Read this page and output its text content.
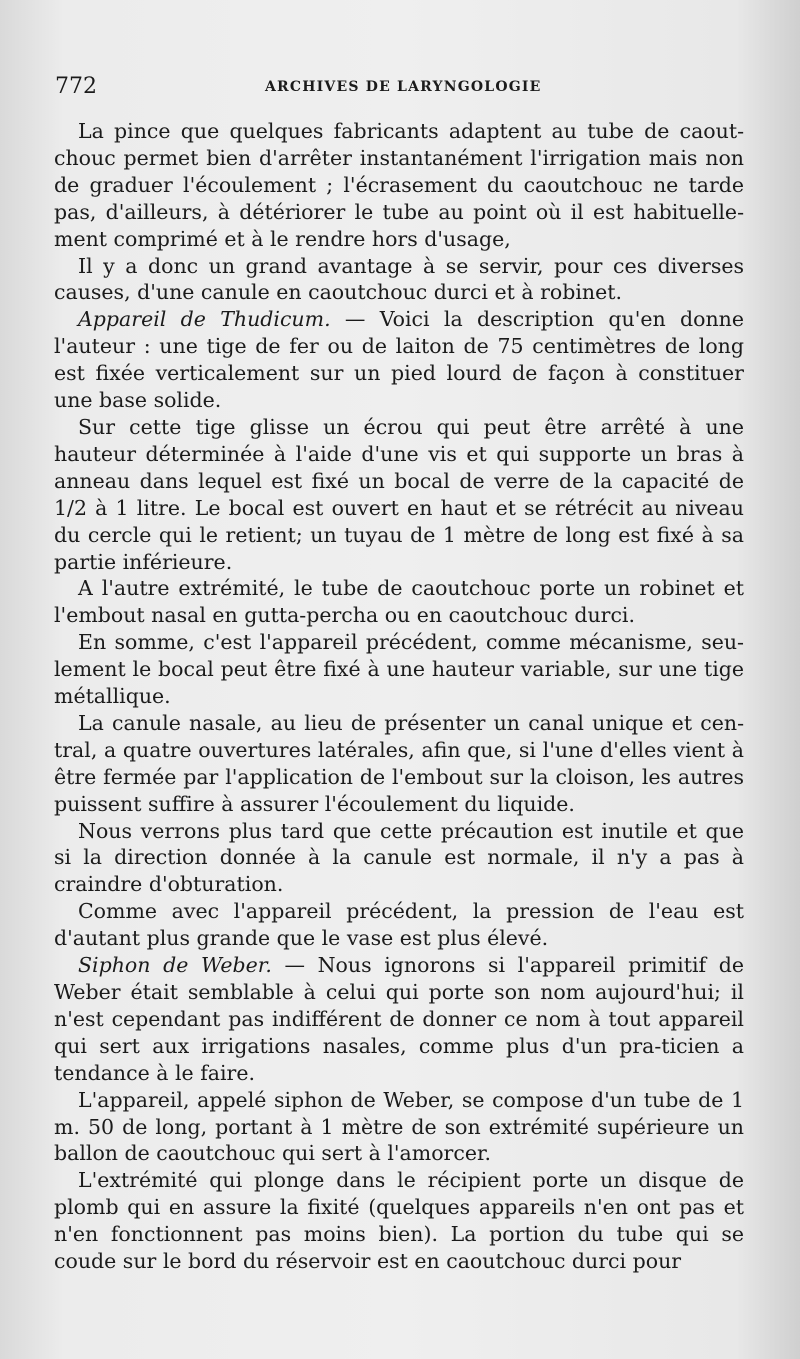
772	ARCHIVES DE LARYNGOLOGIE

La pince que quelques fabricants adaptent au tube de caout-chouc permet bien d'arrêter instantanément l'irrigation mais non de graduer l'écoulement ; l'écrasement du caoutchouc ne tarde pas, d'ailleurs, à détériorer le tube au point où il est habituelle-ment comprimé et à le rendre hors d'usage,

Il y a donc un grand avantage à se servir, pour ces diverses causes, d'une canule en caoutchouc durci et à robinet.

Appareil de Thudicum. — Voici la description qu'en donne l'auteur : une tige de fer ou de laiton de 75 centimètres de long est fixée verticalement sur un pied lourd de façon à constituer une base solide.

Sur cette tige glisse un écrou qui peut être arrêté à une hauteur déterminée à l'aide d'une vis et qui supporte un bras à anneau dans lequel est fixé un bocal de verre de la capacité de 1/2 à 1 litre. Le bocal est ouvert en haut et se rétrécit au niveau du cercle qui le retient; un tuyau de 1 mètre de long est fixé à sa partie inférieure.

A l'autre extrémité, le tube de caoutchouc porte un robinet et l'embout nasal en gutta-percha ou en caoutchouc durci.

En somme, c'est l'appareil précédent, comme mécanisme, seu-lement le bocal peut être fixé à une hauteur variable, sur une tige métallique.

La canule nasale, au lieu de présenter un canal unique et cen-tral, a quatre ouvertures latérales, afin que, si l'une d'elles vient à être fermée par l'application de l'embout sur la cloison, les autres puissent suffire à assurer l'écoulement du liquide.

Nous verrons plus tard que cette précaution est inutile et que si la direction donnée à la canule est normale, il n'y a pas à craindre d'obturation.

Comme avec l'appareil précédent, la pression de l'eau est d'autant plus grande que le vase est plus élevé.

Siphon de Weber. — Nous ignorons si l'appareil primitif de Weber était semblable à celui qui porte son nom aujourd'hui; il n'est cependant pas indifférent de donner ce nom à tout appareil qui sert aux irrigations nasales, comme plus d'un pra-ticien a tendance à le faire.

L'appareil, appelé siphon de Weber, se compose d'un tube de 1 m. 50 de long, portant à 1 mètre de son extrémité supérieure un ballon de caoutchouc qui sert à l'amorcer.

L'extrémité qui plonge dans le récipient porte un disque de plomb qui en assure la fixité (quelques appareils n'en ont pas et n'en fonctionnent pas moins bien). La portion du tube qui se coude sur le bord du réservoir est en caoutchouc durci pour
